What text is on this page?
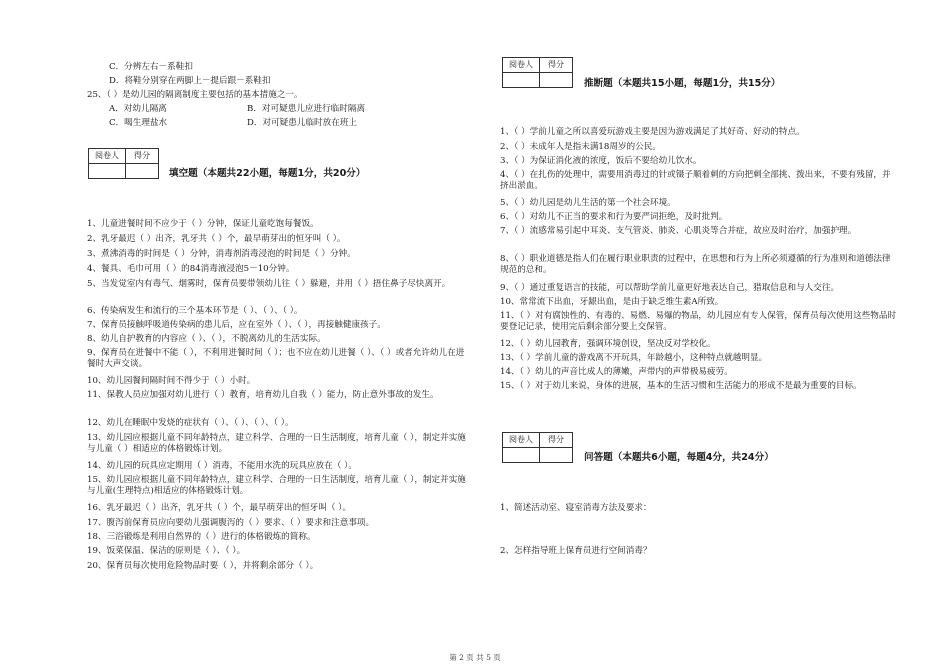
C．分辨左右－系鞋扣
D．将鞋分别穿在两脚上－提后跟－系鞋扣
25、（ ）是幼儿园的隔离制度主要包括的基本措施之一。
A．对幼儿隔离	B．对可疑患儿应进行临时隔离
C．喝生理盐水	D．对可疑患儿临时放在班上
阅卷人	得分

填空题（本题共22小题，每题1分，共20分）
1、儿童进餐时间不应少于（ ）分钟，保证儿童吃饱每餐饭。
2、乳牙最迟（ ）出齐，乳牙共（ ）个，最早萌芽出的恒牙叫（ ）。
3、煮沸消毒的时间是（ ）分钟，消毒剂消毒浸泡的时间是（ ）分钟。
4、餐具、毛巾可用（ ）的84消毒液浸泡5－10分钟。
5、当发觉室内有毒气、烟雾时，保育员要带领幼儿往（ ）躲避，并用（ ）捂住鼻子尽快离开。
6、传染病发生和流行的三个基本环节是（ ）、（ ）、（ ）。
7、保育员接触呼吸道传染病的患儿后，应在室外（ ）、（ ），再接触健康孩子。
8、幼儿自护教育的内容应（ ）、（ ），不脱离幼儿的生活实际。
9、保育员在进餐中不能（ ），不利用进餐时间（ ）；也不应在幼儿进餐（ ）、（ ）或者允许幼儿在进餐时大声交谈。
10、幼儿园餐间隔时间不得少于（ ）小时。
11、保教人员应加强对幼儿进行（ ）教育，培育幼儿自我（ ）能力，防止意外事故的发生。
12、幼儿在睡眠中发烧的症状有（ ）、（ ）、（ ）、（ ）。
13、幼儿园应根据儿童不同年龄特点，建立科学、合理的一日生活制度，培育儿童（ ），制定并实施与儿童（ ）相适应的体格锻炼计划。
14、幼儿园的玩具应定期用（ ）消毒，不能用水洗的玩具应放在（ ）。
15、幼儿园应根据儿童不同年龄特点，建立科学、合理的一日生活制度，培育儿童（ ），制定并实施与儿童(生理特点)相适应的体格锻炼计划。
16、乳牙最迟（ ）出齐，乳牙共（ ）个，最早萌芽出的恒牙叫（ ）。
17、腹泻前保育员应向要幼儿强调腹泻的（ ）要求、（ ）要求和注意事项。
18、三浴锻炼是利用自然界的（ ）进行的体格锻炼的简称。
19、饭菜保温、保洁的原则是（ ）、（ ）。
20、保育员每次使用危险物品时要（ ），并将剩余部分（ ）。
阅卷人	得分

推断题（本题共15小题，每题1分，共15分）
1、（ ）学前儿童之所以喜爱玩游戏主要是因为游戏满足了其好奇、好动的特点。
2、（ ）未成年人是指未满18周岁的公民。
3、（ ）为保证消化液的浓度，饭后不要给幼儿饮水。
4、（ ）在扎伤的处理中，需要用消毒过的针或镊子顺着刺的方向把刺全部挑、拨出来，不要有残留，并挤出淤血。
5、（ ）幼儿园是幼儿生活的第一个社会环境。
6、（ ）对幼儿不正当的要求和行为要严词拒绝，及时批判。
7、（ ）流感常易引起中耳炎、支气管炎、肺炎、心肌炎等合并症，故应及时治疗，加强护理。
8、（ ）职业道德是指人们在履行职业职责的过程中，在思想和行为上所必须遵循的行为准则和道德法律规范的总和。
9、（ ）通过重复语言的技能，可以帮助学前儿童更好地表达自己，猎取信息和与人交往。
10、常常流下出血，牙龈出血，是由于缺乏维生素A所致。
11、（ ）对有腐蚀性的、有毒的、易燃、易爆的物品，幼儿园应有专人保管，保育员每次使用这些物品时要登记记录，使用完后剩余部分要上交保管。
12、（ ）幼儿园教育，强调环境创设，坚决反对学校化。
13、（ ）学前儿童的游戏离不开玩具，年龄越小，这种特点就越明显。
14、（ ）幼儿的声音比成人的薄嫩，声带内的声带极易疲劳。
15、（ ）对于幼儿来说，身体的进展，基本的生活习惯和生活能力的形成不是最为重要的目标。
阅卷人	得分

问答题（本题共6小题，每题4分，共24分）
1、简述活动室、寝室消毒方法及要求：
2、怎样指导班上保育员进行空间消毒？
第 2 页 共 5 页
